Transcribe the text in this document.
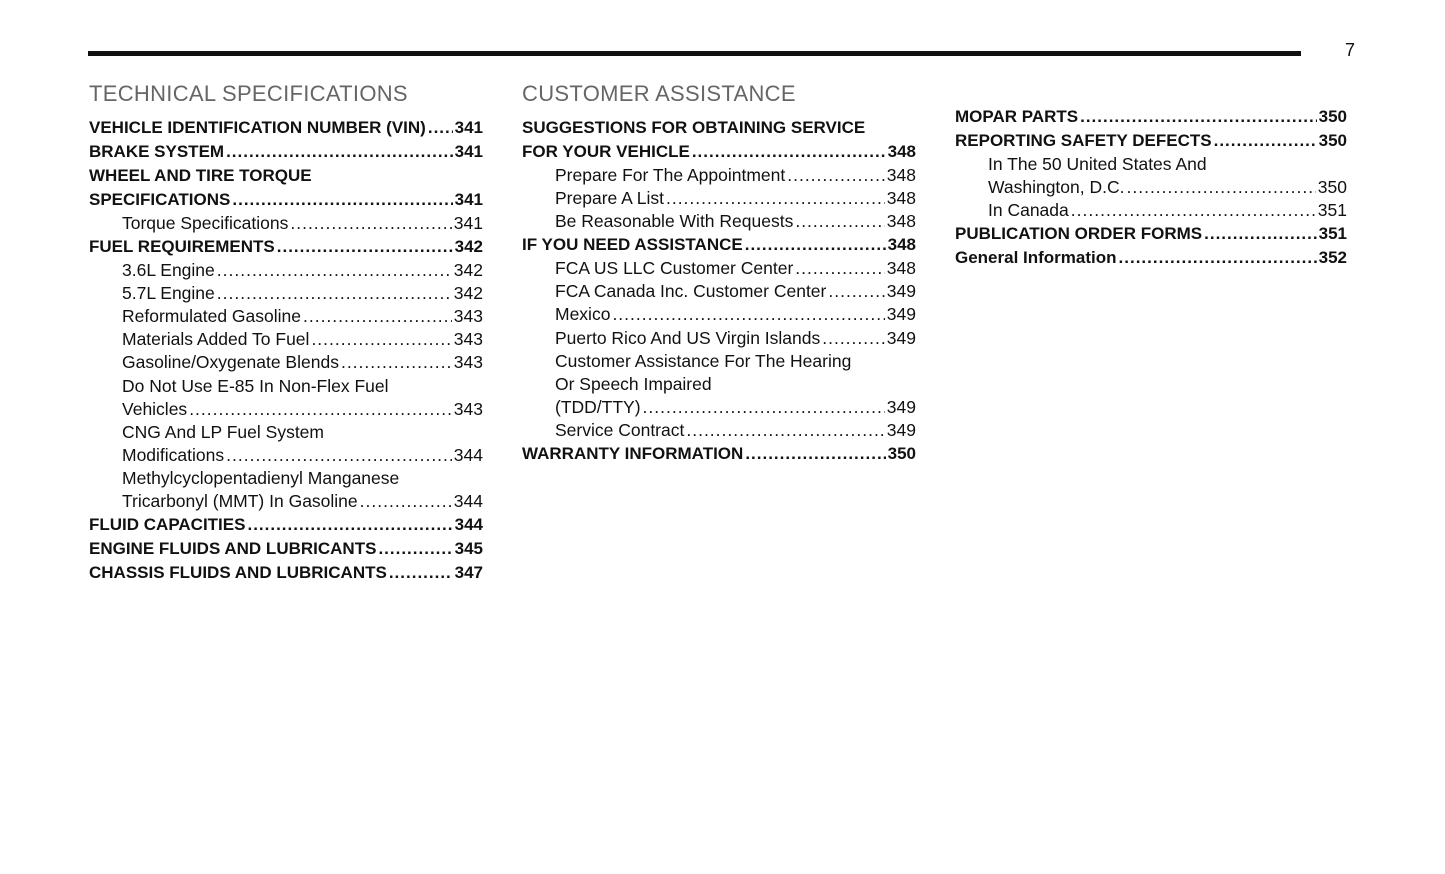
7
TECHNICAL SPECIFICATIONS
VEHICLE IDENTIFICATION NUMBER (VIN) ..... 341
BRAKE SYSTEM .....	341
WHEEL AND TIRE TORQUE
SPECIFICATIONS .....	341
Torque Specifications .....	341
FUEL REQUIREMENTS .....	342
3.6L Engine .....	342
5.7L Engine .....	342
Reformulated Gasoline .....	343
Materials Added To Fuel .....	343
Gasoline/Oxygenate Blends .....	343
Do Not Use E-85 In Non-Flex Fuel
Vehicles .....	343
CNG And LP Fuel System
Modifications .....	344
Methylcyclopentadienyl Manganese
Tricarbonyl (MMT) In Gasoline .....	344
FLUID CAPACITIES .....	344
ENGINE FLUIDS AND LUBRICANTS .....	345
CHASSIS FLUIDS AND LUBRICANTS .....	347
CUSTOMER ASSISTANCE
SUGGESTIONS FOR OBTAINING SERVICE
FOR YOUR VEHICLE .....	348
Prepare For The Appointment .....	348
Prepare A List .....	348
Be Reasonable With Requests .....	348
IF YOU NEED ASSISTANCE .....	348
FCA US LLC Customer Center .....	348
FCA Canada Inc. Customer Center .....	349
Mexico .....	349
Puerto Rico And US Virgin Islands .....	349
Customer Assistance For The Hearing
Or Speech Impaired
(TDD/TTY) .....	349
Service Contract .....	349
WARRANTY INFORMATION .....	350
MOPAR PARTS .....	350
REPORTING SAFETY DEFECTS .....	350
In The 50 United States And
Washington, D.C. .....	350
In Canada .....	351
PUBLICATION ORDER FORMS .....	351
General Information .....	352
